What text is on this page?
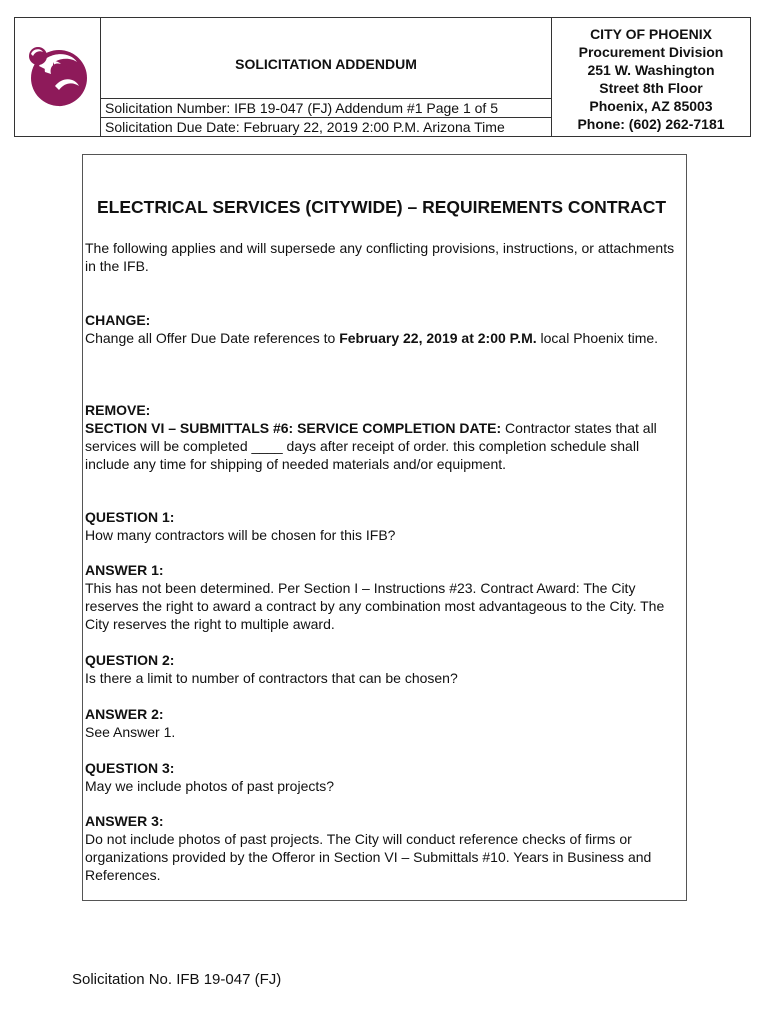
SOLICITATION ADDENDUM
Solicitation Number: IFB 19-047 (FJ) Addendum #1 Page 1 of 5
Solicitation Due Date: February 22, 2019 2:00 P.M. Arizona Time
CITY OF PHOENIX
Procurement Division
251 W. Washington
Street 8th Floor
Phoenix, AZ 85003
Phone: (602) 262-7181
ELECTRICAL SERVICES (CITYWIDE) – REQUIREMENTS CONTRACT
The following applies and will supersede any conflicting provisions, instructions, or attachments in the IFB.
CHANGE:
Change all Offer Due Date references to February 22, 2019 at 2:00 P.M. local Phoenix time.
REMOVE:
SECTION VI – SUBMITTALS #6: SERVICE COMPLETION DATE: Contractor states that all services will be completed ____ days after receipt of order. this completion schedule shall include any time for shipping of needed materials and/or equipment.
QUESTION 1:
How many contractors will be chosen for this IFB?
ANSWER 1:
This has not been determined. Per Section I – Instructions #23. Contract Award: The City reserves the right to award a contract by any combination most advantageous to the City. The City reserves the right to multiple award.
QUESTION 2:
Is there a limit to number of contractors that can be chosen?
ANSWER 2:
See Answer 1.
QUESTION 3:
May we include photos of past projects?
ANSWER 3:
Do not include photos of past projects. The City will conduct reference checks of firms or organizations provided by the Offeror in Section VI – Submittals #10. Years in Business and References.
Solicitation No. IFB 19-047 (FJ)
